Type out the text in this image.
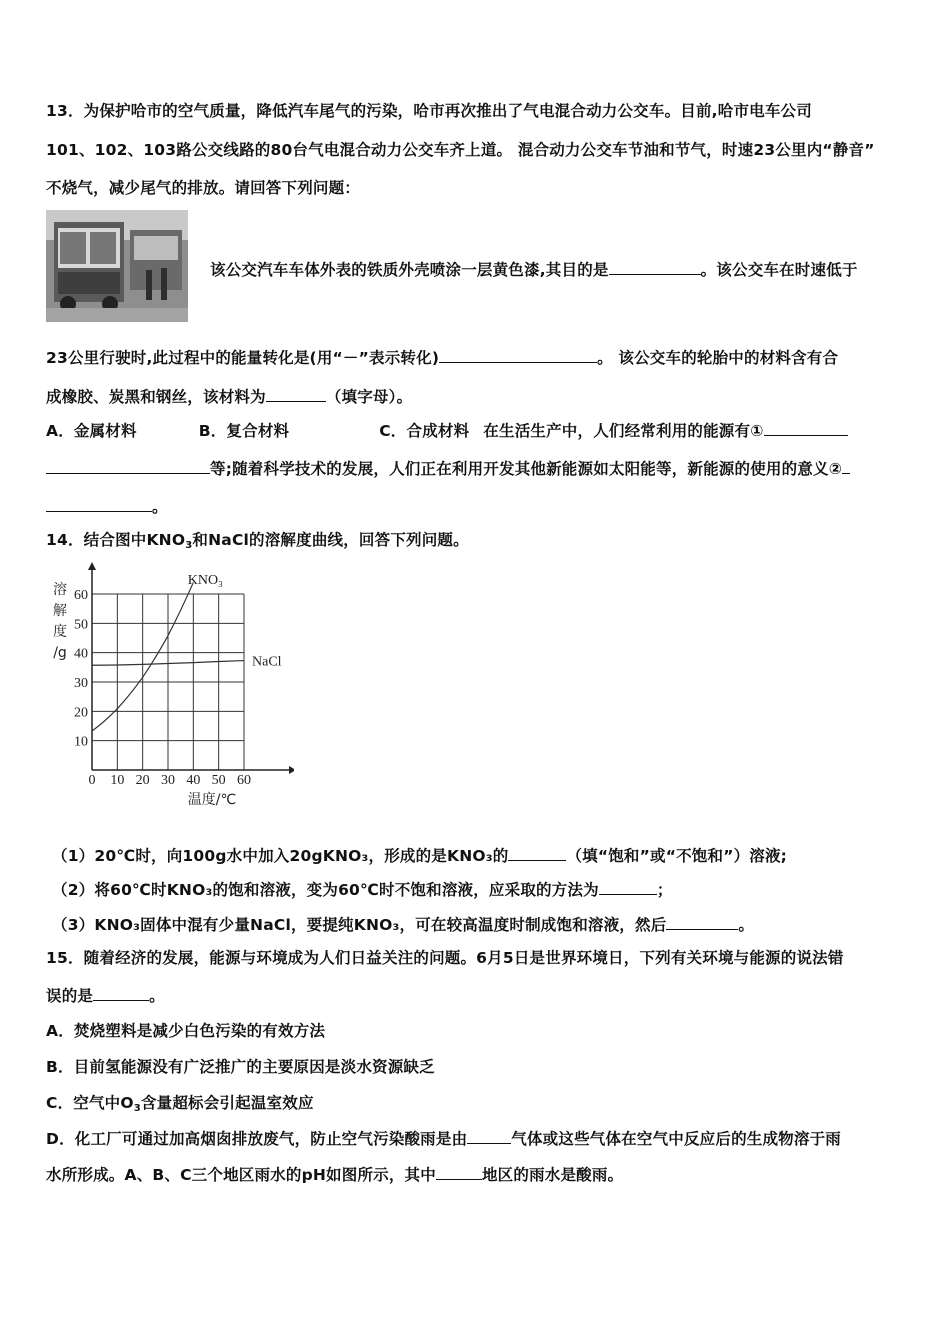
13．为保护哈市的空气质量，降低汽车尾气的污染，哈市再次推出了气电混合动力公交车。目前,哈市电车公司
101、102、103路公交线路的80台气电混合动力公交车齐上道。 混合动力公交车节油和节气，时速23公里内“静音”
不烧气，减少尾气的排放。请回答下列问题：
该公交汽车车体外表的铁质外壳喷涂一层黄色漆,其目的是	。该公交车在时速低于
23公里行驶时,此过程中的能量转化是(用“－”表示转化)	。 该公交车的轮胎中的材料含有合
成橡胶、炭黑和钢丝，该材料为	（填字母）。
A．金属材料	B．复合材料	C．合成材料 在生活生产中，人们经常利用的能源有①
等;随着科学技术的发展，人们正在利用开发其他新能源如太阳能等，新能源的使用的意义②
。
14．结合图中$KNO_3$和NaCl的溶解度曲线，回答下列问题。
10
20
30
40
50
60
0 10 20 30 40 50 60
溶
解
度
/g
温度/℃
KNO₃
NaCl
（1）20℃时，向100g水中加入20gKNO₃，形成的是KNO₃的	（填“饱和”或“不饱和”）溶液;
（2）将60℃时KNO₃的饱和溶液，变为60℃时不饱和溶液，应采取的方法为	；
（3）KNO₃固体中混有少量NaCl，要提纯KNO₃，可在较高温度时制成饱和溶液，然后	。
15．随着经济的发展，能源与环境成为人们日益关注的问题。6月5日是世界环境日，下列有关环境与能源的说法错
误的是	。
A．焚烧塑料是减少白色污染的有效方法
B．目前氢能源没有广泛推广的主要原因是淡水资源缺乏
C．空气中$O_3$含量超标会引起温室效应
D．化工厂可通过加高烟囱排放废气，防止空气污染酸雨是由	气体或这些气体在空气中反应后的生成物溶于雨
水所形成。A、B、C三个地区雨水的pH如图所示，其中	地区的雨水是酸雨。
